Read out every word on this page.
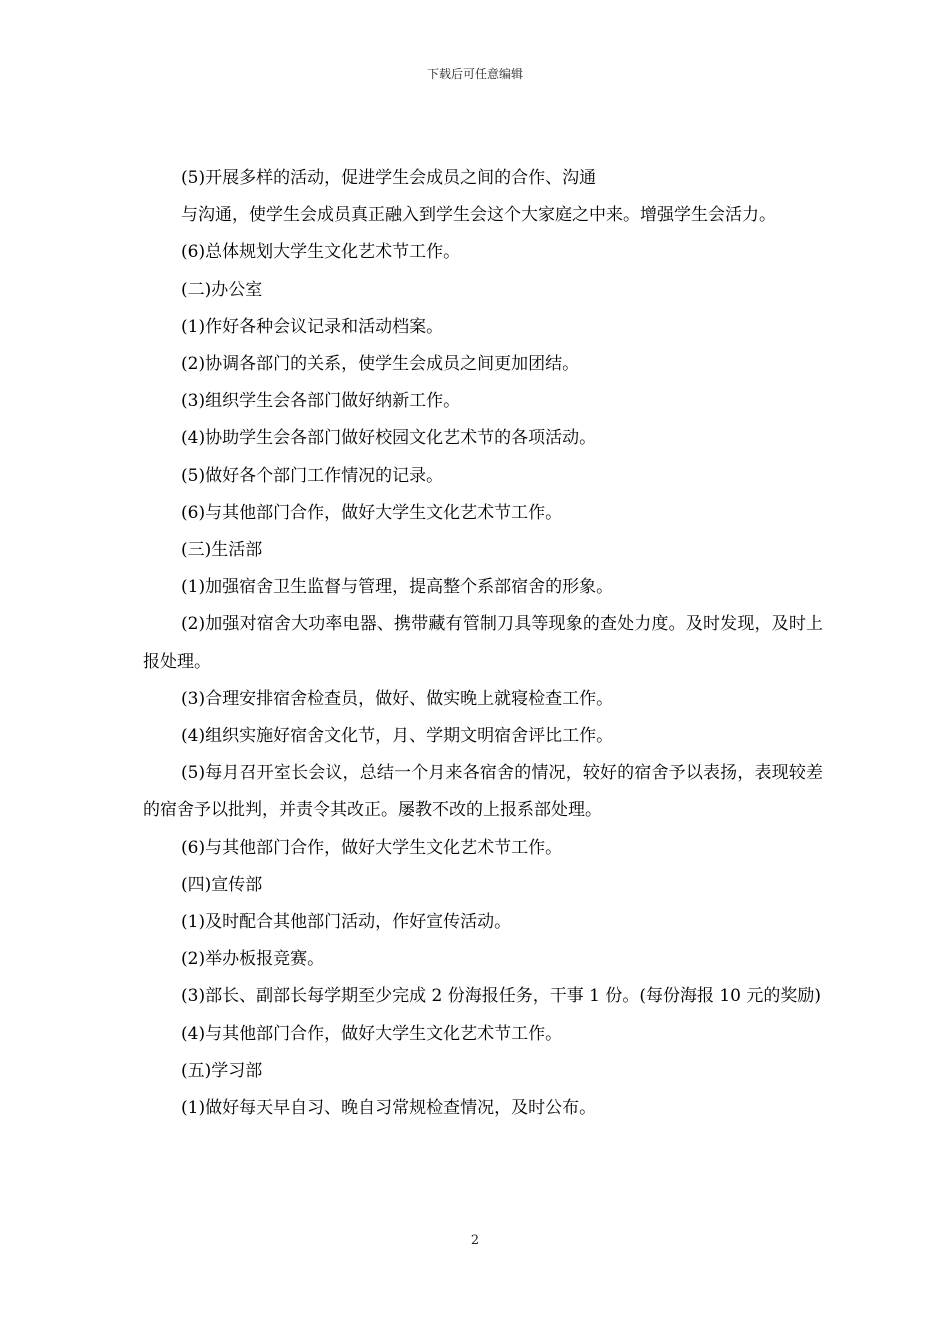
下载后可任意编辑

(5)开展多样的活动，促进学生会成员之间的合作、沟通

与沟通，使学生会成员真正融入到学生会这个大家庭之中来。增强学生会活力。

(6)总体规划大学生文化艺术节工作。

(二)办公室

(1)作好各种会议记录和活动档案。

(2)协调各部门的关系，使学生会成员之间更加团结。

(3)组织学生会各部门做好纳新工作。

(4)协助学生会各部门做好校园文化艺术节的各项活动。

(5)做好各个部门工作情况的记录。

(6)与其他部门合作，做好大学生文化艺术节工作。

(三)生活部

(1)加强宿舍卫生监督与管理，提高整个系部宿舍的形象。

(2)加强对宿舍大功率电器、携带藏有管制刀具等现象的查处力度。及时发现，及时上报处理。

(3)合理安排宿舍检查员，做好、做实晚上就寝检查工作。

(4)组织实施好宿舍文化节，月、学期文明宿舍评比工作。

(5)每月召开室长会议，总结一个月来各宿舍的情况，较好的宿舍予以表扬，表现较差的宿舍予以批判，并责令其改正。屡教不改的上报系部处理。

(6)与其他部门合作，做好大学生文化艺术节工作。

(四)宣传部

(1)及时配合其他部门活动，作好宣传活动。

(2)举办板报竞赛。

(3)部长、副部长每学期至少完成 2 份海报任务，干事 1 份。(每份海报 10 元的奖励)

(4)与其他部门合作，做好大学生文化艺术节工作。

(五)学习部

(1)做好每天早自习、晚自习常规检查情况，及时公布。

2
